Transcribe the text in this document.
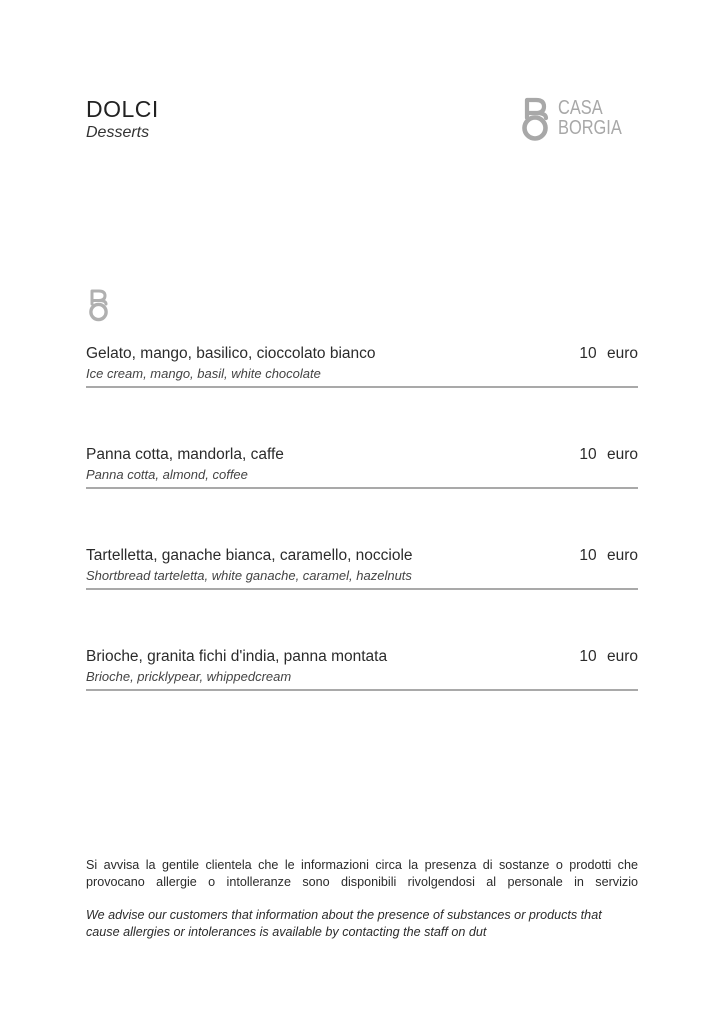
DOLCI
Desserts
CASA
BORGIA
Gelato, mango, basilico, cioccolato bianco
Ice cream, mango, basil, white chocolate
10 euro
Panna cotta, mandorla, caffe
Panna cotta, almond, coffee
10 euro
Tartelletta, ganache bianca, caramello, nocciole
Shortbread tarteletta, white ganache, caramel, hazelnuts
10 euro
Brioche, granita fichi d'india, panna montata
Brioche, pricklypear, whippedcream
10 euro

Si avvisa la gentile clientela che le informazioni circa la presenza di sostanze o prodotti che provocano allergie o intolleranze sono disponibili rivolgendosi al personale in servizio

We advise our customers that information about the presence of substances or products that cause allergies or intolerances is available by contacting the staff on dut
